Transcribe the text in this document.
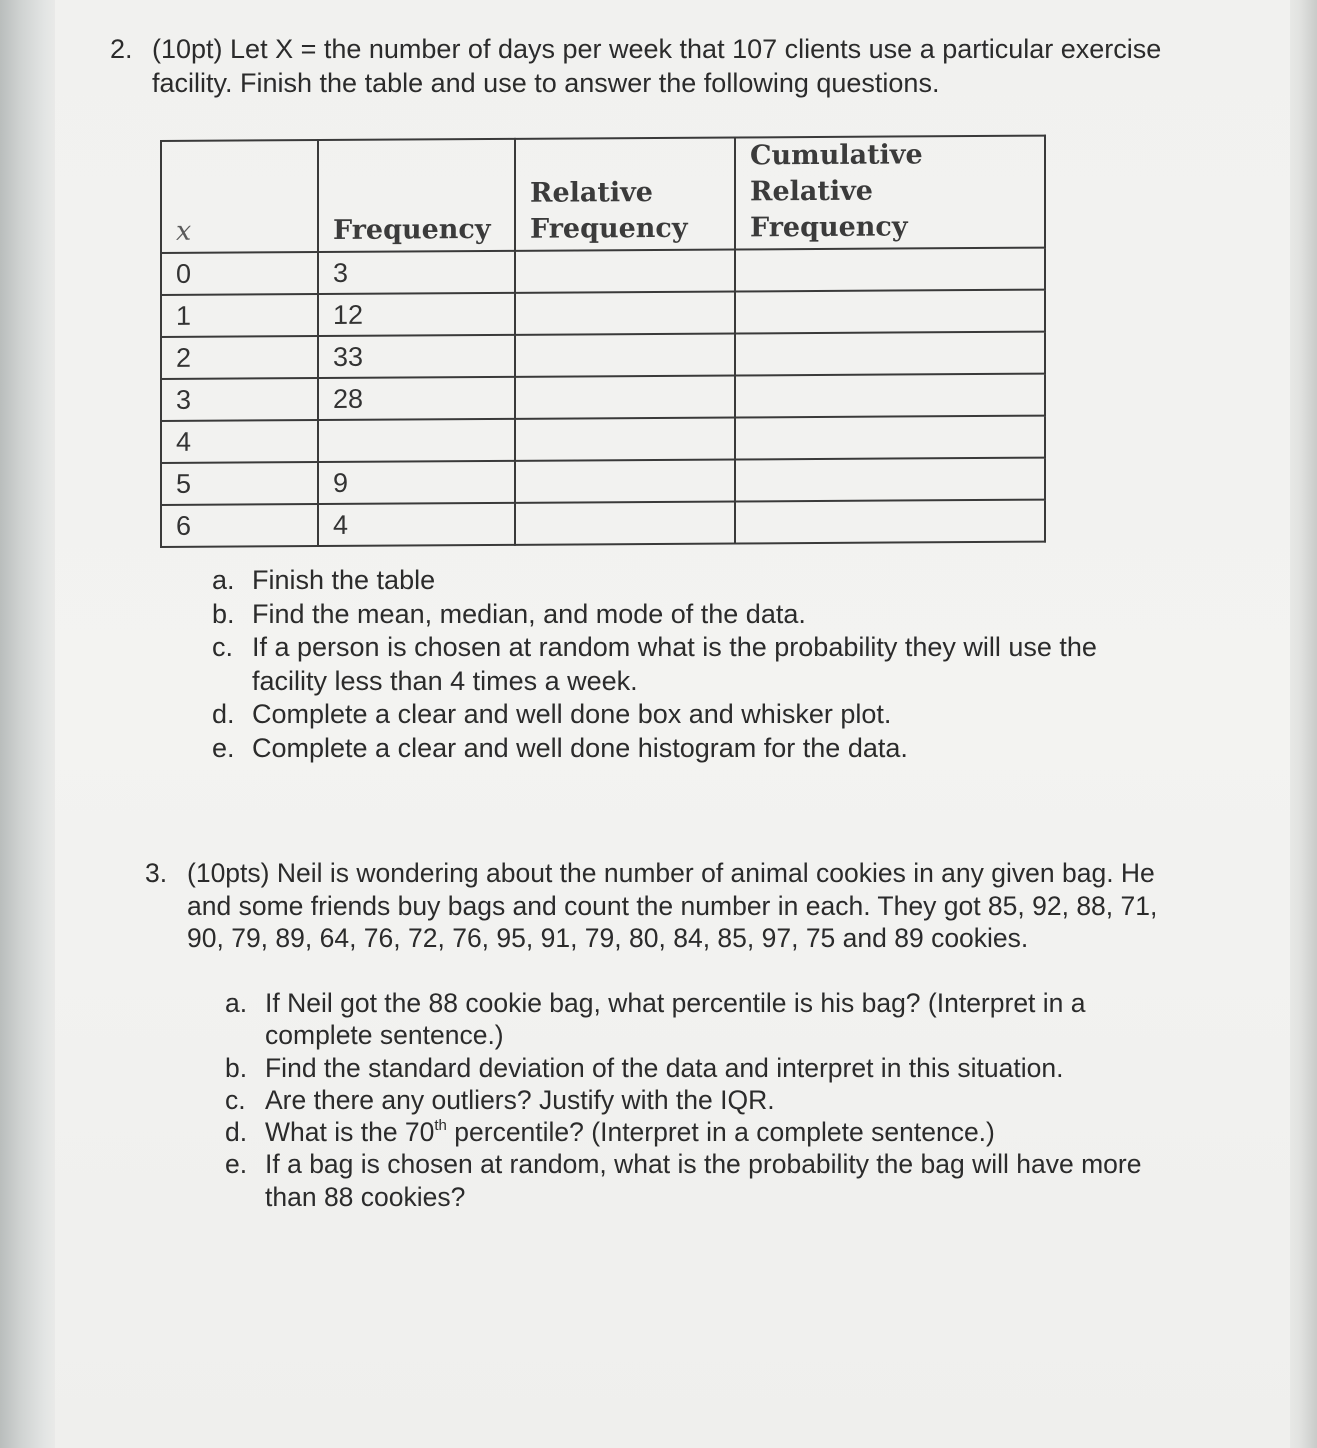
2. (10pt) Let X = the number of days per week that 107 clients use a particular exercise facility. Finish the table and use to answer the following questions.
x	Frequency	Relative Frequency	Cumulative Relative Frequency
0	3		
1	12		
2	33		
3	28		
4			
5	9		
6	4		
a. Finish the table
b. Find the mean, median, and mode of the data.
c. If a person is chosen at random what is the probability they will use the facility less than 4 times a week.
d. Complete a clear and well done box and whisker plot.
e. Complete a clear and well done histogram for the data.
3. (10pts) Neil is wondering about the number of animal cookies in any given bag. He and some friends buy bags and count the number in each. They got 85, 92, 88, 71, 90, 79, 89, 64, 76, 72, 76, 95, 91, 79, 80, 84, 85, 97, 75 and 89 cookies.
a. If Neil got the 88 cookie bag, what percentile is his bag? (Interpret in a complete sentence.)
b. Find the standard deviation of the data and interpret in this situation.
c. Are there any outliers? Justify with the IQR.
d. What is the 70th percentile? (Interpret in a complete sentence.)
e. If a bag is chosen at random, what is the probability the bag will have more than 88 cookies?
